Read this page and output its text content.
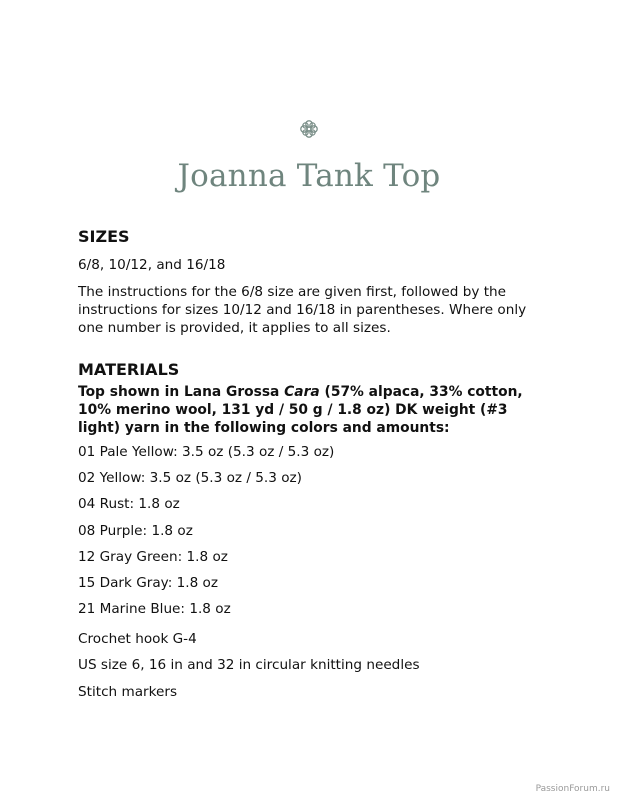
Joanna Tank Top
SIZES

6/8, 10/12, and 16/18

The instructions for the 6/8 size are given first, followed by the instructions for sizes 10/12 and 16/18 in parentheses. Where only one number is provided, it applies to all sizes.

MATERIALS

Top shown in Lana Grossa Cara (57% alpaca, 33% cotton, 10% merino wool, 131 yd / 50 g / 1.8 oz) DK weight (#3 light) yarn in the following colors and amounts:

01 Pale Yellow: 3.5 oz (5.3 oz / 5.3 oz)
02 Yellow: 3.5 oz (5.3 oz / 5.3 oz)
04 Rust: 1.8 oz
08 Purple: 1.8 oz
12 Gray Green: 1.8 oz
15 Dark Gray: 1.8 oz
21 Marine Blue: 1.8 oz

Crochet hook G-4

US size 6, 16 in and 32 in circular knitting needles

Stitch markers

PassionForum.ru
